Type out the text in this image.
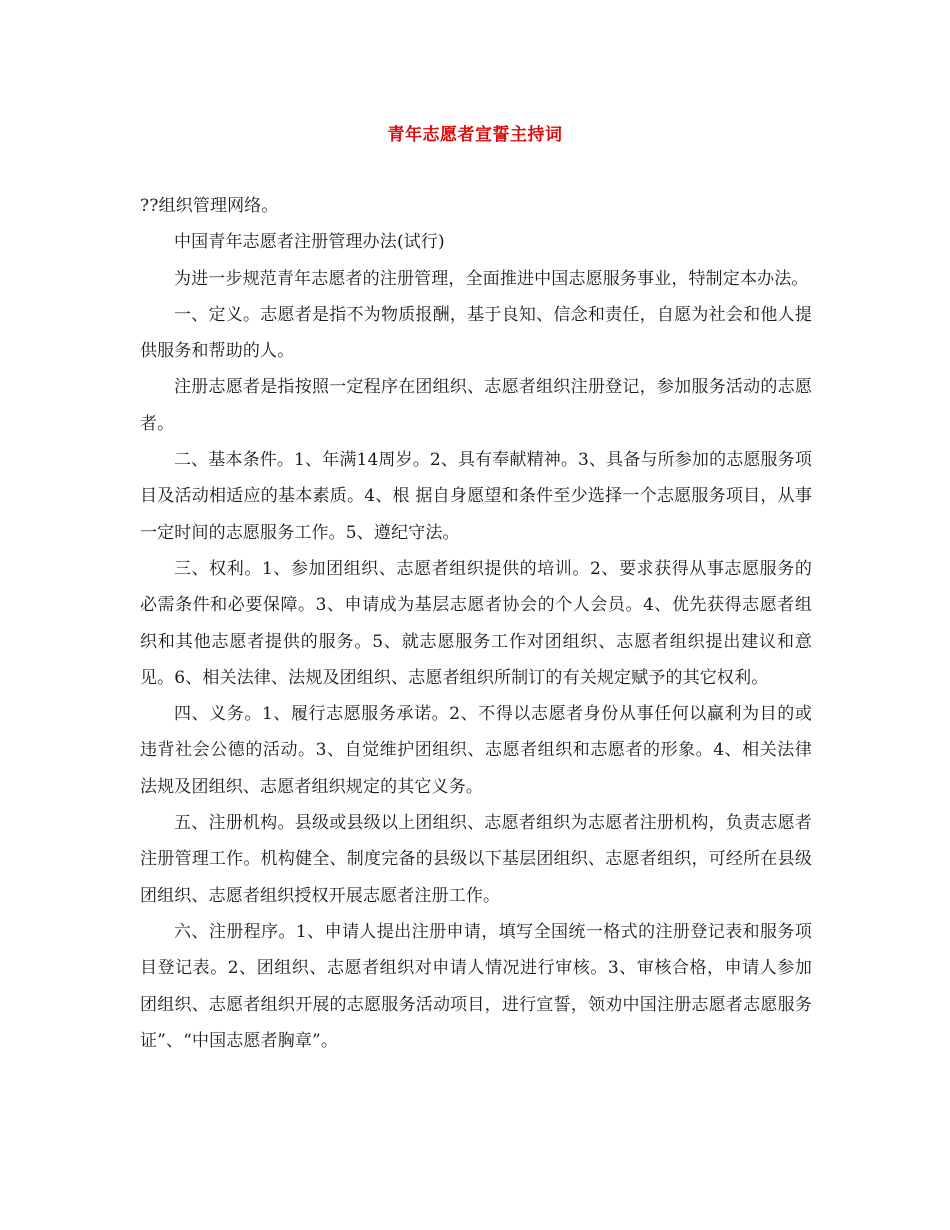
青年志愿者宣誓主持词

??组织管理网络。

中国青年志愿者注册管理办法(试行)

为进一步规范青年志愿者的注册管理，全面推进中国志愿服务事业，特制定本办法。

一、定义。志愿者是指不为物质报酬，基于良知、信念和责任，自愿为社会和他人提供服务和帮助的人。

注册志愿者是指按照一定程序在团组织、志愿者组织注册登记，参加服务活动的志愿者。

二、基本条件。1、年满14周岁。2、具有奉献精神。3、具备与所参加的志愿服务项目及活动相适应的基本素质。4、根 据自身愿望和条件至少选择一个志愿服务项目，从事一定时间的志愿服务工作。5、遵纪守法。

三、权利。1、参加团组织、志愿者组织提供的培训。2、要求获得从事志愿服务的必需条件和必要保障。3、申请成为基层志愿者协会的个人会员。4、优先获得志愿者组织和其他志愿者提供的服务。5、就志愿服务工作对团组织、志愿者组织提出建议和意见。6、相关法律、法规及团组织、志愿者组织所制订的有关规定赋予的其它权利。

四、义务。1、履行志愿服务承诺。2、不得以志愿者身份从事任何以赢利为目的或违背社会公德的活动。3、自觉维护团组织、志愿者组织和志愿者的形象。4、相关法律法规及团组织、志愿者组织规定的其它义务。

五、注册机构。县级或县级以上团组织、志愿者组织为志愿者注册机构，负责志愿者注册管理工作。机构健全、制度完备的县级以下基层团组织、志愿者组织，可经所在县级团组织、志愿者组织授权开展志愿者注册工作。

六、注册程序。1、申请人提出注册申请，填写全国统一格式的注册登记表和服务项目登记表。2、团组织、志愿者组织对申请人情况进行审核。3、审核合格，申请人参加团组织、志愿者组织开展的志愿服务活动项目，进行宣誓，领劝中国注册志愿者志愿服务证”、“中国志愿者胸章”。
